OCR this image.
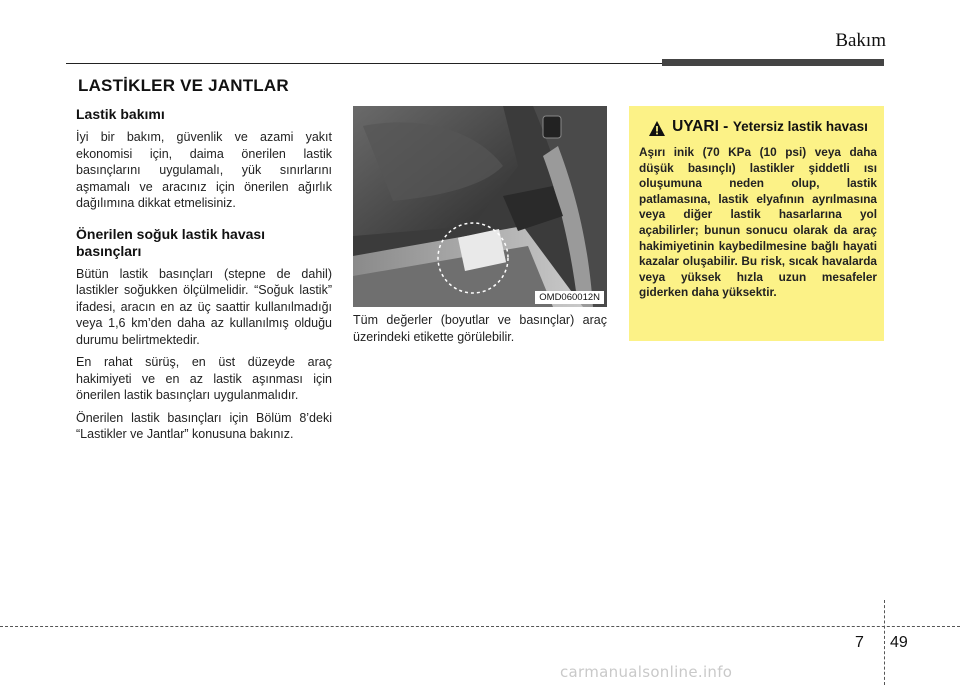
Bakım
LASTİKLER VE JANTLAR
Lastik bakımı

İyi bir bakım, güvenlik ve azami yakıt ekonomisi için, daima önerilen lastik basınçlarını uygulamalı, yük sınırlarını aşmamalı ve aracınız için önerilen ağırlık dağılımına dikkat etmelisiniz.

Önerilen soğuk lastik havası basınçları

Bütün lastik basınçları (stepne de dahil) lastikler soğukken ölçülmelidir. “Soğuk lastik” ifadesi, aracın en az üç saattir kullanılmadığı veya 1,6 km’den daha az kullanılmış olduğu durumu belirtmektedir.

En rahat sürüş, en üst düzeyde araç hakimiyeti ve en az lastik aşınması için önerilen lastik basınçları uygulanmalıdır.

Önerilen lastik basınçları için Bölüm 8’deki “Lastikler ve Jantlar” konusuna bakınız.

OMD060012N

Tüm değerler (boyutlar ve basınçlar) araç üzerindeki etikette görülebilir.

UYARI - Yetersiz lastik havası

Aşırı inik (70 KPa (10 psi) veya daha düşük basınçlı) lastikler şiddetli ısı oluşumuna neden olup, lastik patlamasına, lastik elyafının ayrılmasına veya diğer lastik hasarlarına yol açabilirler; bunun sonucu olarak da araç hakimiyetinin kaybedilmesine bağlı hayati kazalar oluşabilir. Bu risk, sıcak havalarda veya yüksek hızla uzun mesafeler giderken daha yüksektir.

7 49
carmanualsonline.info
